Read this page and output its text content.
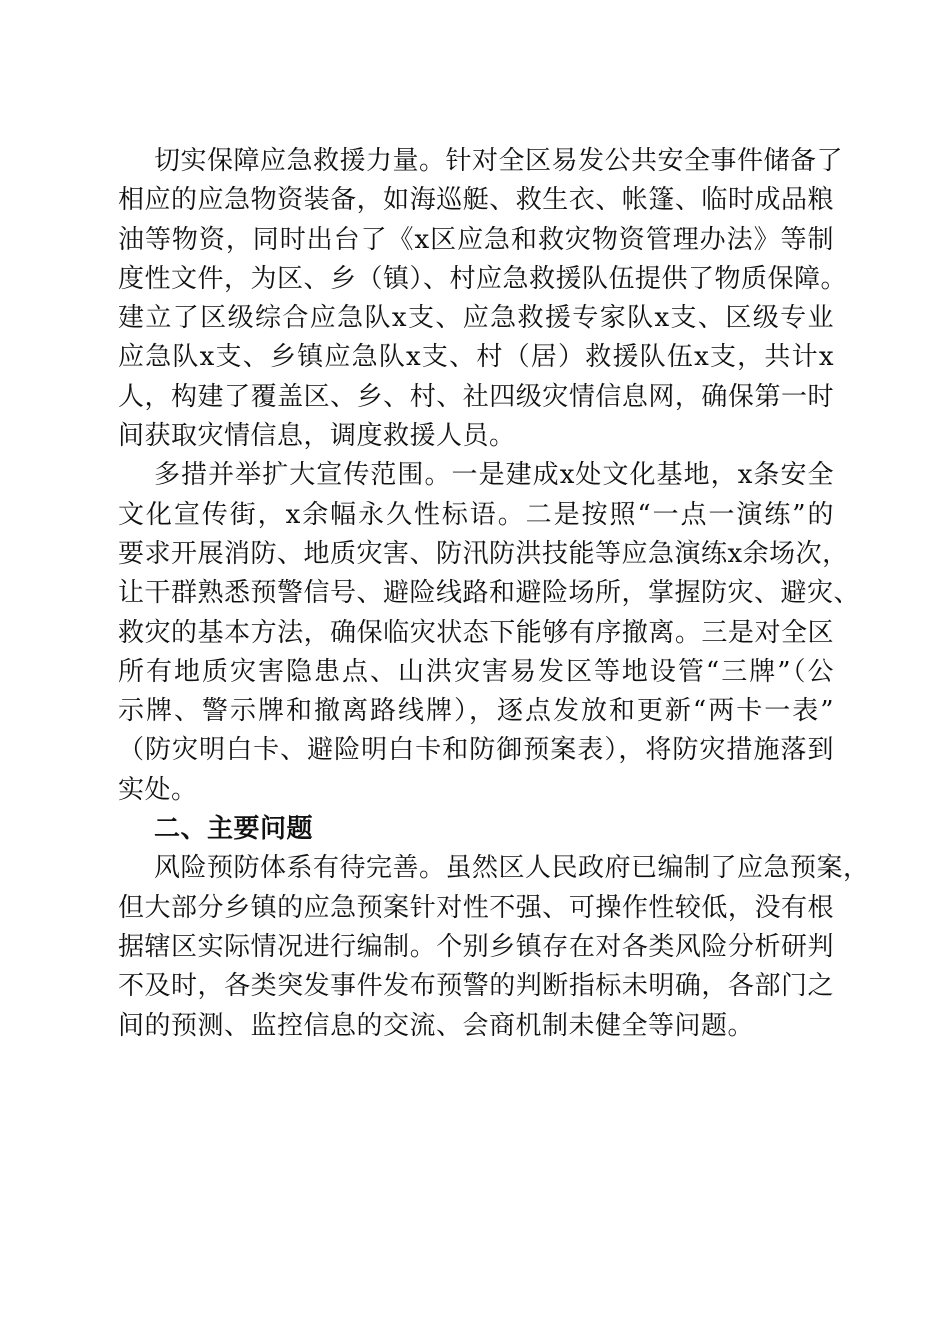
切实保障应急救援力量。针对全区易发公共安全事件储备了
相应的应急物资装备，如海巡艇、救生衣、帐篷、临时成品粮
油等物资，同时出台了《x区应急和救灾物资管理办法》等制
度性文件，为区、乡（镇）、村应急救援队伍提供了物质保障。
建立了区级综合应急队x支、应急救援专家队x支、区级专业
应急队x支、乡镇应急队x支、村（居）救援队伍x支，共计x
人，构建了覆盖区、乡、村、社四级灾情信息网，确保第一时
间获取灾情信息，调度救援人员。
多措并举扩大宣传范围。一是建成x处文化基地，x条安全
文化宣传街，x余幅永久性标语。二是按照“一点一演练”的
要求开展消防、地质灾害、防汛防洪技能等应急演练x余场次，
让干群熟悉预警信号、避险线路和避险场所，掌握防灾、避灾、
救灾的基本方法，确保临灾状态下能够有序撤离。三是对全区
所有地质灾害隐患点、山洪灾害易发区等地设管“三牌”（公
示牌、警示牌和撤离路线牌），逐点发放和更新“两卡一表”
（防灾明白卡、避险明白卡和防御预案表），将防灾措施落到
实处。
二、主要问题
风险预防体系有待完善。虽然区人民政府已编制了应急预案，
但大部分乡镇的应急预案针对性不强、可操作性较低，没有根
据辖区实际情况进行编制。个别乡镇存在对各类风险分析研判
不及时，各类突发事件发布预警的判断指标未明确，各部门之
间的预测、监控信息的交流、会商机制未健全等问题。
